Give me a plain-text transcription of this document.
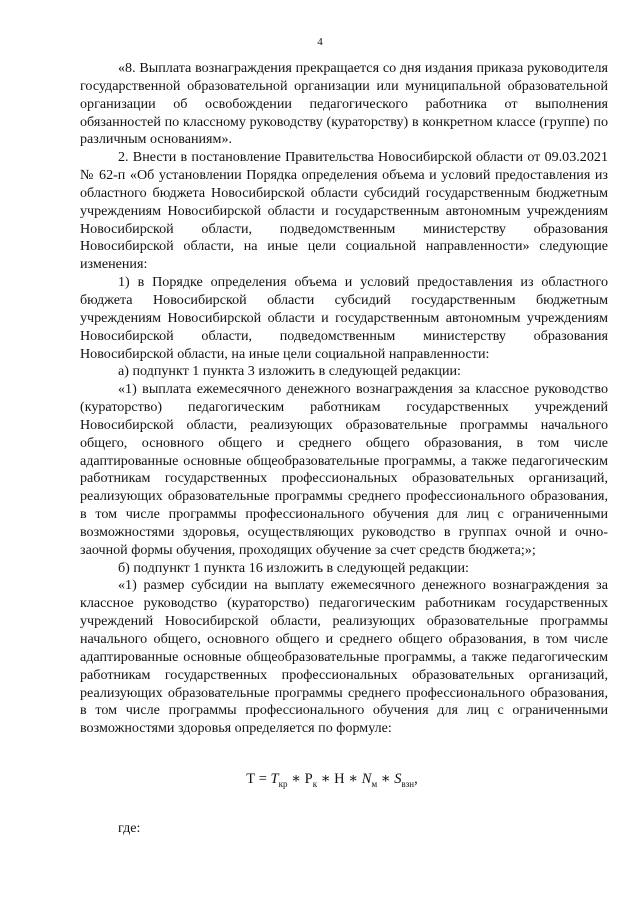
4

«8. Выплата вознаграждения прекращается со дня издания приказа руководителя государственной образовательной организации или муниципальной образовательной организации об освобождении педагогического работника от выполнения обязанностей по классному руководству (кураторству) в конкретном классе (группе) по различным основаниям».

2. Внести в постановление Правительства Новосибирской области от 09.03.2021 № 62-п «Об установлении Порядка определения объема и условий предоставления из областного бюджета Новосибирской области субсидий государственным бюджетным учреждениям Новосибирской области и государственным автономным учреждениям Новосибирской области, подведомственным министерству образования Новосибирской области, на иные цели социальной направленности» следующие изменения:

1) в Порядке определения объема и условий предоставления из областного бюджета Новосибирской области субсидий государственным бюджетным учреждениям Новосибирской области и государственным автономным учреждениям Новосибирской области, подведомственным министерству образования Новосибирской области, на иные цели социальной направленности:

а) подпункт 1 пункта 3 изложить в следующей редакции:

«1) выплата ежемесячного денежного вознаграждения за классное руководство (кураторство) педагогическим работникам государственных учреждений Новосибирской области, реализующих образовательные программы начального общего, основного общего и среднего общего образования, в том числе адаптированные основные общеобразовательные программы, а также педагогическим работникам государственных профессиональных образовательных организаций, реализующих образовательные программы среднего профессионального образования, в том числе программы профессионального обучения для лиц с ограниченными возможностями здоровья, осуществляющих руководство в группах очной и очно-заочной формы обучения, проходящих обучение за счет средств бюджета;»;

б) подпункт 1 пункта 16 изложить в следующей редакции:

«1) размер субсидии на выплату ежемесячного денежного вознаграждения за классное руководство (кураторство) педагогическим работникам государственных учреждений Новосибирской области, реализующих образовательные программы начального общего, основного общего и среднего общего образования, в том числе адаптированные основные общеобразовательные программы, а также педагогическим работникам государственных профессиональных образовательных организаций, реализующих образовательные программы среднего профессионального образования, в том числе программы профессионального обучения для лиц с ограниченными возможностями здоровья определяется по формуле:

$Т = T_{кр}$ ∗ $Р_к$ ∗ Н ∗ $N_м$ ∗ $S_{взн}$,
где:
